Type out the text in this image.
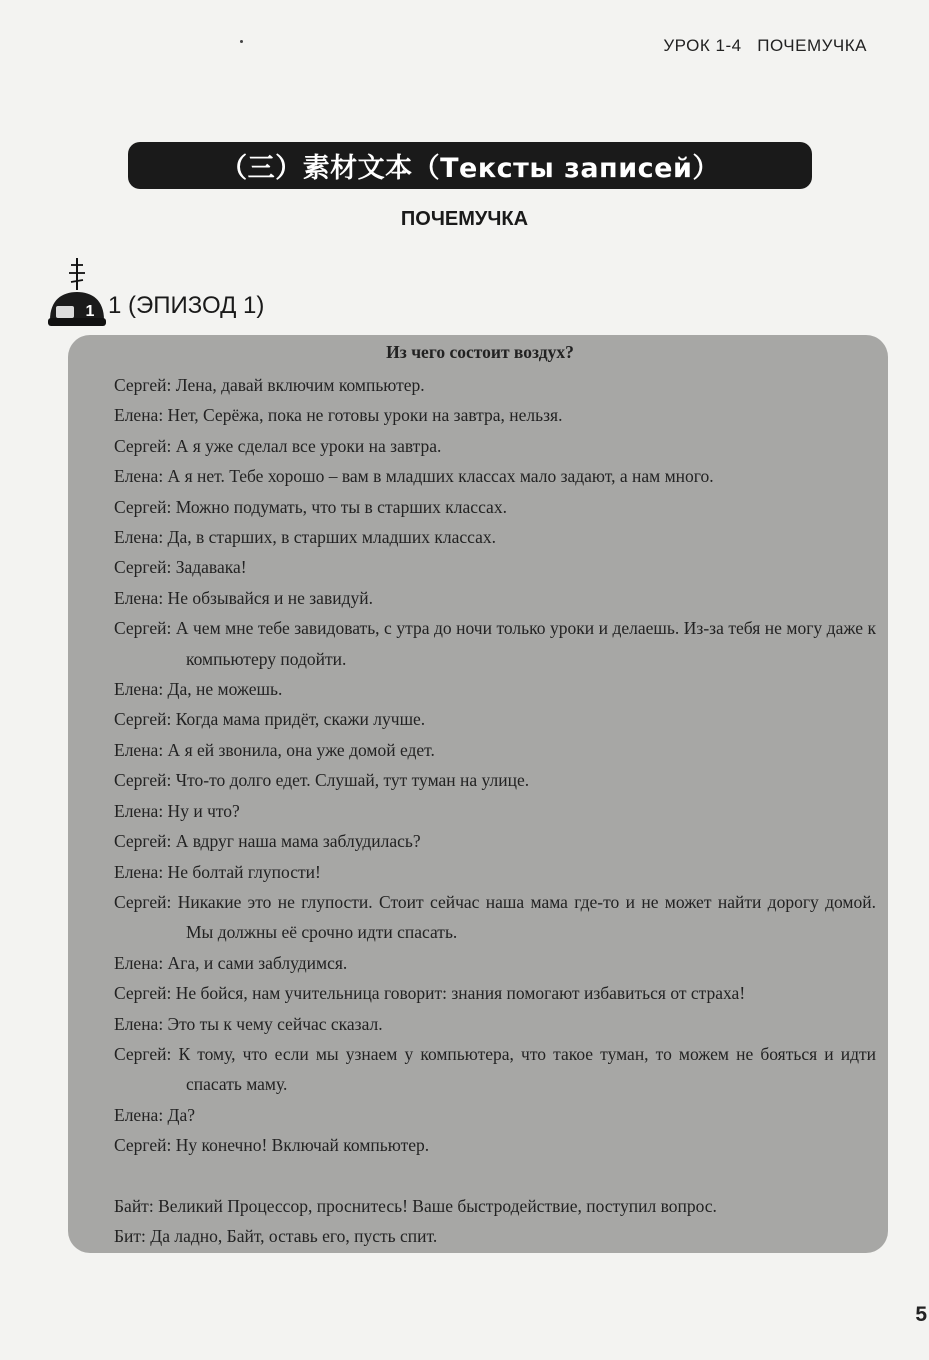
УРОК 1-4   ПОЧЕМУЧКА
（三）素材文本（Тексты записей）
ПОЧЕМУЧКА
1 1 (ЭПИЗОД 1)
Из чего состоит воздух?
Сергей: Лена, давай включим компьютер.
Елена: Нет, Серёжа, пока не готовы уроки на завтра, нельзя.
Сергей: А я уже сделал все уроки на завтра.
Елена: А я нет. Тебе хорошо – вам в младших классах мало задают, а нам много.
Сергей: Можно подумать, что ты в старших классах.
Елена: Да, в старших, в старших младших классах.
Сергей: Задавака!
Елена: Не обзывайся и не завидуй.
Сергей: А чем мне тебе завидовать, с утра до ночи только уроки и делаешь. Из-за тебя не могу даже к компьютеру подойти.
Елена: Да, не можешь.
Сергей: Когда мама придёт, скажи лучше.
Елена: А я ей звонила, она уже домой едет.
Сергей: Что-то долго едет. Слушай, тут туман на улице.
Елена: Ну и что?
Сергей: А вдруг наша мама заблудилась?
Елена: Не болтай глупости!
Сергей: Никакие это не глупости. Стоит сейчас наша мама где-то и не может найти дорогу домой. Мы должны её срочно идти спасать.
Елена: Ага, и сами заблудимся.
Сергей: Не бойся, нам учительница говорит: знания помогают избавиться от страха!
Елена: Это ты к чему сейчас сказал.
Сергей: К тому, что если мы узнаем у компьютера, что такое туман, то можем не бояться и идти спасать маму.
Елена: Да?
Сергей: Ну конечно! Включай компьютер.
Байт: Великий Процессор, проснитесь! Ваше быстродействие, поступил вопрос.
Бит: Да ладно, Байт, оставь его, пусть спит.
5
